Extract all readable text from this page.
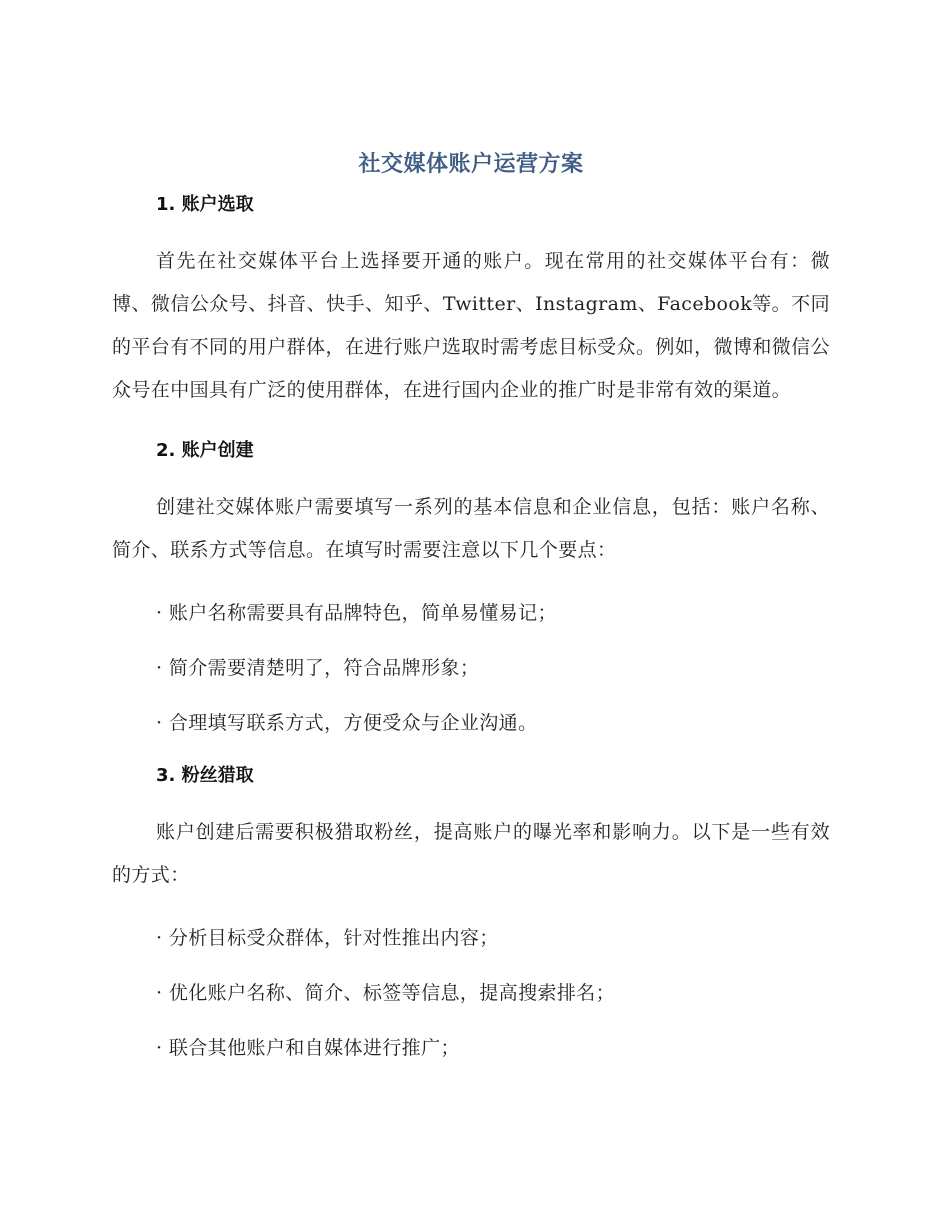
社交媒体账户运营方案
1. 账户选取

首先在社交媒体平台上选择要开通的账户。现在常用的社交媒体平台有：微博、微信公众号、抖音、快手、知乎、Twitter、Instagram、Facebook等。不同的平台有不同的用户群体，在进行账户选取时需考虑目标受众。例如，微博和微信公众号在中国具有广泛的使用群体，在进行国内企业的推广时是非常有效的渠道。

2. 账户创建

创建社交媒体账户需要填写一系列的基本信息和企业信息，包括：账户名称、简介、联系方式等信息。在填写时需要注意以下几个要点：

· 账户名称需要具有品牌特色，简单易懂易记；

· 简介需要清楚明了，符合品牌形象；

· 合理填写联系方式，方便受众与企业沟通。

3. 粉丝猎取

账户创建后需要积极猎取粉丝，提高账户的曝光率和影响力。以下是一些有效的方式：

· 分析目标受众群体，针对性推出内容；

· 优化账户名称、简介、标签等信息，提高搜索排名；

· 联合其他账户和自媒体进行推广；
